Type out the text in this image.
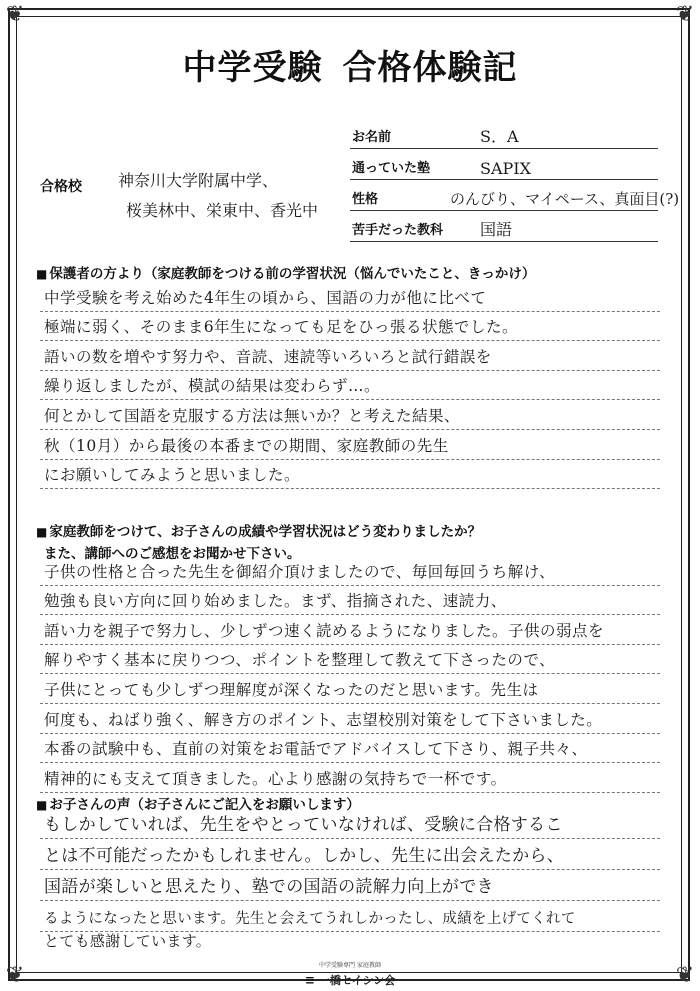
❦	❦
❦	❦
中学受験 合格体験記
お名前	S．A
通っていた塾	SAPIX
性格	のんびり、マイペース、真面目(?)
苦手だった教科 国語
合格校 神奈川大学附属中学、
桜美林中、栄東中、香光中
■ 保護者の方より（家庭教師をつける前の学習状況（悩んでいたこと、きっかけ）
中学受験を考え始めた4年生の頃から、国語の力が他に比べて
極端に弱く、そのまま6年生になっても足をひっ張る状態でした。
語いの数を増やす努力や、音読、速読等いろいろと試行錯誤を
繰り返しましたが、模試の結果は変わらず…。
何とかして国語を克服する方法は無いか？と考えた結果、
秋（10月）から最後の本番までの期間、家庭教師の先生
にお願いしてみようと思いました。
■ 家庭教師をつけて、お子さんの成績や学習状況はどう変わりましたか？
また、講師へのご感想をお聞かせ下さい。
子供の性格と合った先生を御紹介頂けましたので、毎回毎回うち解け、
勉強も良い方向に回り始めました。まず、指摘された、速読力、
語い力を親子で努力し、少しずつ速く読めるようになりました。子供の弱点を
解りやすく基本に戻りつつ、ポイントを整理して教えて下さったので、
子供にとっても少しずつ理解度が深くなったのだと思います。先生は
何度も、ねばり強く、解き方のポイント、志望校別対策をして下さいました。
本番の試験中も、直前の対策をお電話でアドバイスして下さり、親子共々、
精神的にも支えて頂きました。心より感謝の気持ちで一杯です。
■ お子さんの声（お子さんにご記入をお願いします）
もしかしていれば、先生をやとっていなければ、受験に合格するこ
とは不可能だったかもしれません。しかし、先生に出会えたから、
国語が楽しいと思えたり、塾での国語の読解力向上ができ
るようになったと思います。先生と会えてうれしかったし、成績を上げてくれて
とても感謝しています。
中学受験専門 家庭教師
≡ 一橋セイシン会
